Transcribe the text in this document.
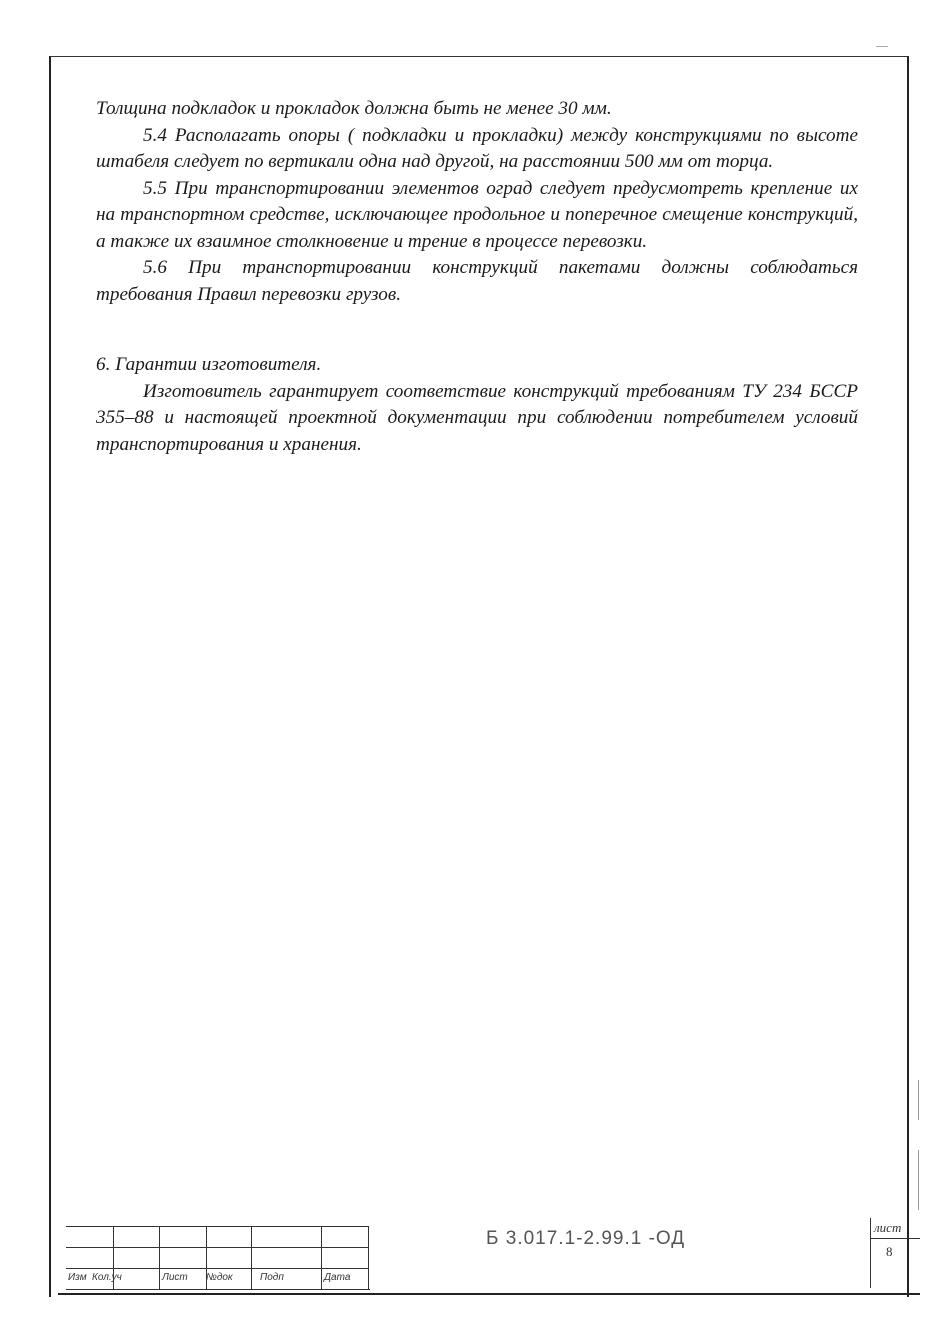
Толщина подкладок и прокладок должна быть не менее 30 мм.

5.4 Располагать опоры ( подкладки и прокладки) между конструкциями по высоте штабеля следует по вертикали одна над другой, на расстоянии 500 мм от торца.

5.5 При транспортировании элементов оград следует предусмотреть крепление их на транспортном средстве, исключающее продольное и поперечное смещение конструкций, а также их взаимное столкновение и трение в процессе перевозки.

5.6 При транспортировании конструкций пакетами должны соблюдаться требования Правил перевозки грузов.

6. Гарантии изготовителя.

Изготовитель гарантирует соответствие конструкций требованиям ТУ 234 БССР 355–88 и настоящей проектной документации при соблюдении потребителем условий транспортирования и хранения.

Изм Кол.уч	Лист №док	Подп	Дата
Б 3.017.1-2.99.1 -ОД
лист
8
